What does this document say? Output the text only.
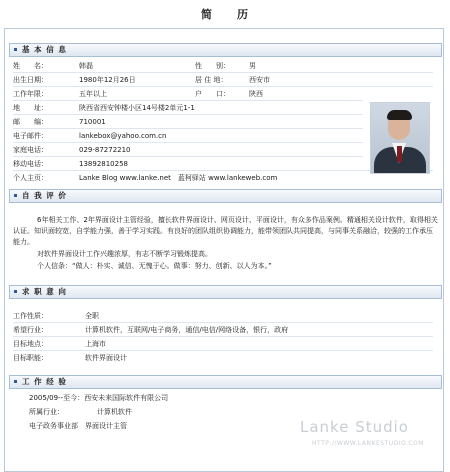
简　　历
基 本 信 息
姓　　名：	韩磊	性　　别：	男
出生日期：	1980年12月26日	居 住 地：	西安市
工作年限：	五年以上	户　　口：	陕西
地　　址：	陕西省西安钟楼小区14号楼2单元1-1
邮　　编：	710001
电子邮件：	lankebox@yahoo.com.cn
家庭电话：	029-87272210
移动电话：	13892810258
个人主页：	Lanke Blog www.lanke.net　蓝柯驿站 www.lankeweb.com
自 我 评 价
6年相关工作、2年界面设计主管经验，擅长软件界面设计、网页设计、平面设计，有众多作品案例。精通相关设计软件，取得相关认证。知识面较宽，自学能力强，善于学习实践。有良好的团队组织协调能力，能带领团队共同提高，与同事关系融洽，较强的工作承压能力。
对软件界面设计工作兴趣浓厚，有志不断学习锻炼提高。
个人信条：“做人：朴实、诚信、无愧于心。做事：努力、创新、以人为本。”
求 职 意 向
工作性质：	全职
希望行业：	计算机软件，互联网/电子商务，通信/电信/网络设备，银行，政府
目标地点：	上海市
目标职能：	软件界面设计
工 作 经 验
2005/09--至今：西安未来国际软件有限公司
所属行业：	计算机软件
电子政务事业部　界面设计主管	Lanke Studio
HTTP://WWW.LANKESTUDIO.COM
